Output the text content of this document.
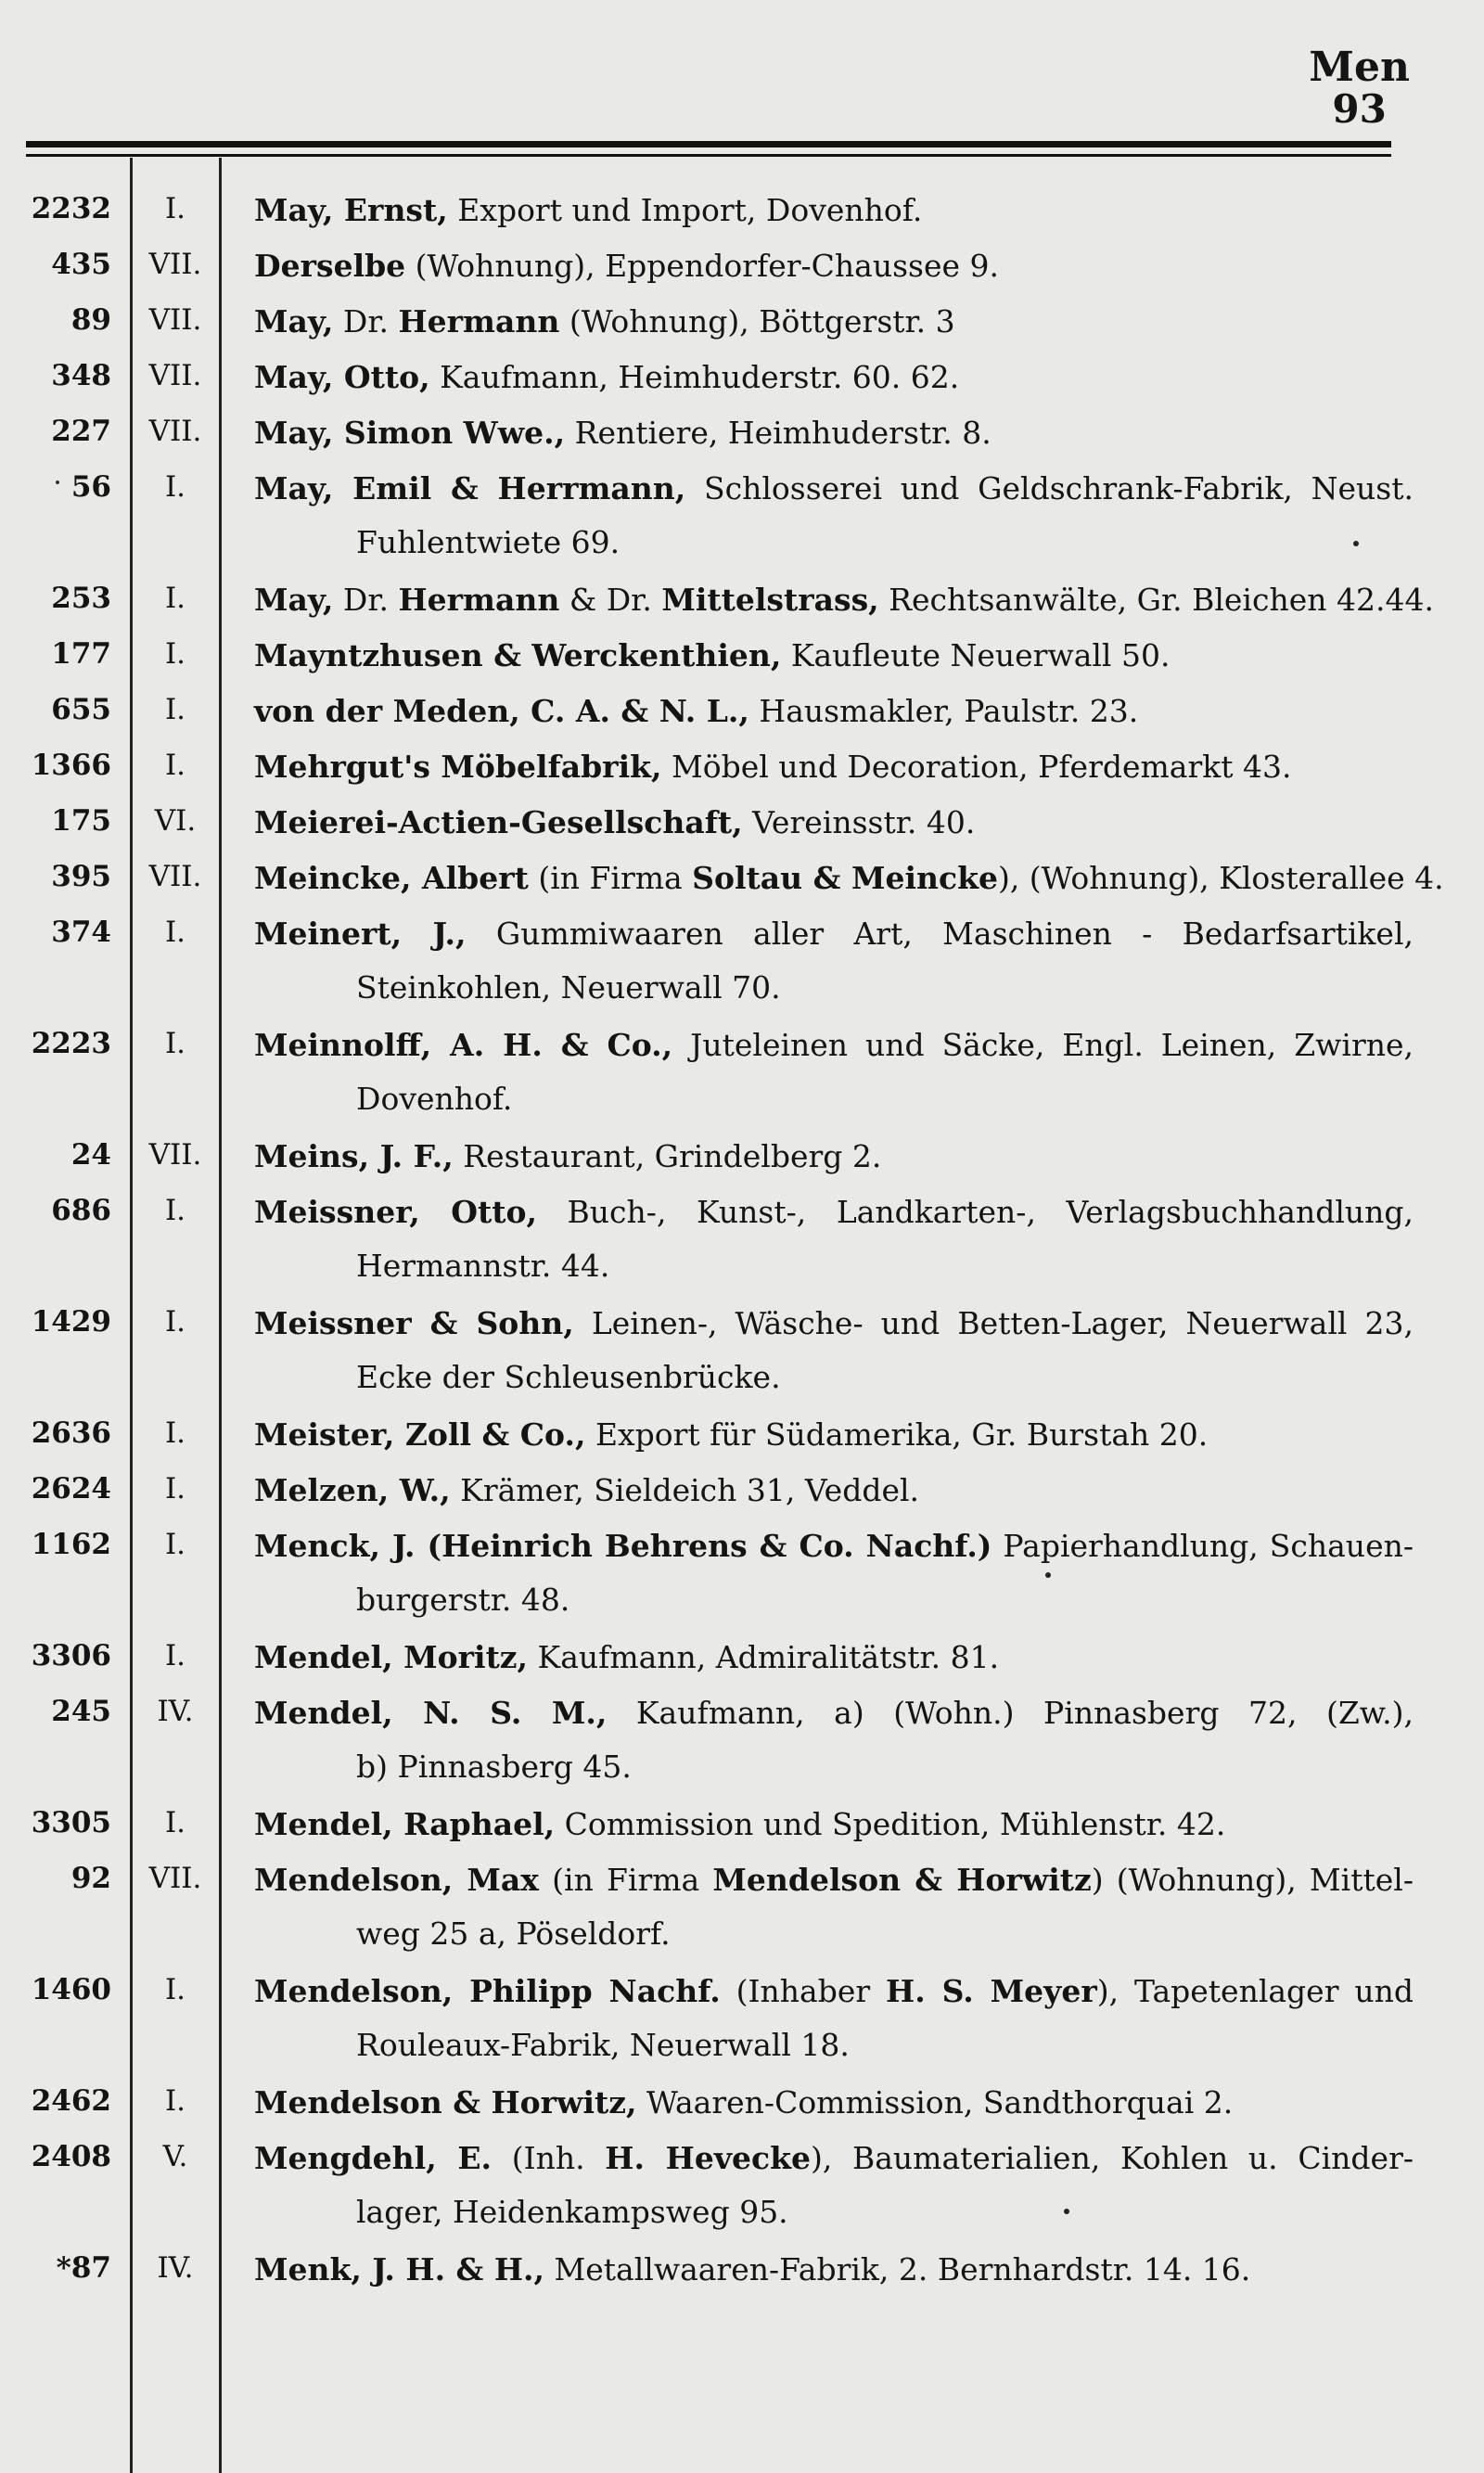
Men
93
2232	I.	May, Ernst, Export und Import, Dovenhof.
435	VII.	Derselbe (Wohnung), Eppendorfer-Chaussee 9.
89	VII.	May, Dr. Hermann (Wohnung), Böttgerstr. 3
348	VII.	May, Otto, Kaufmann, Heimhuderstr. 60. 62.
227	VII.	May, Simon Wwe., Rentiere, Heimhuderstr. 8.
56	I.	May, Emil & Herrmann, Schlosserei und Geldschrank-Fabrik, Neust.
Fuhlentwiete 69.
253	I.	May, Dr. Hermann & Dr. Mittelstrass, Rechtsanwälte, Gr. Bleichen 42.44.
177	I.	Mayntzhusen & Werckenthien, Kaufleute Neuerwall 50.
655	I.	von der Meden, C. A. & N. L., Hausmakler, Paulstr. 23.
1366	I.	Mehrgut's Möbelfabrik, Möbel und Decoration, Pferdemarkt 43.
175	VI.	Meierei-Actien-Gesellschaft, Vereinsstr. 40.
395	VII.	Meincke, Albert (in Firma Soltau & Meincke), (Wohnung), Klosterallee 4.
374	I.	Meinert, J., Gummiwaaren aller Art, Maschinen - Bedarfsartikel,
Steinkohlen, Neuerwall 70.
2223	I.	Meinnolff, A. H. & Co., Juteleinen und Säcke, Engl. Leinen, Zwirne,
Dovenhof.
24	VII.	Meins, J. F., Restaurant, Grindelberg 2.
686	I.	Meissner, Otto, Buch-, Kunst-, Landkarten-, Verlagsbuchhandlung,
Hermannstr. 44.
1429	I.	Meissner & Sohn, Leinen-, Wäsche- und Betten-Lager, Neuerwall 23,
Ecke der Schleusenbrücke.
2636	I.	Meister, Zoll & Co., Export für Südamerika, Gr. Burstah 20.
2624	I.	Melzen, W., Krämer, Sieldeich 31, Veddel.
1162	I.	Menck, J. (Heinrich Behrens & Co. Nachf.) Papierhandlung, Schauen-
burgerstr. 48.
3306	I.	Mendel, Moritz, Kaufmann, Admiralitätstr. 81.
245	IV.	Mendel, N. S. M., Kaufmann, a) (Wohn.) Pinnasberg 72, (Zw.),
b) Pinnasberg 45.
3305	I.	Mendel, Raphael, Commission und Spedition, Mühlenstr. 42.
92	VII.	Mendelson, Max (in Firma Mendelson & Horwitz) (Wohnung), Mittel-
weg 25 a, Pöseldorf.
1460	I.	Mendelson, Philipp Nachf. (Inhaber H. S. Meyer), Tapetenlager und
Rouleaux-Fabrik, Neuerwall 18.
2462	I.	Mendelson & Horwitz, Waaren-Commission, Sandthorquai 2.
2408	V.	Mengdehl, E. (Inh. H. Hevecke), Baumaterialien, Kohlen u. Cinder-
lager, Heidenkampsweg 95.
*87	IV.	Menk, J. H. & H., Metallwaaren-Fabrik, 2. Bernhardstr. 14. 16.
